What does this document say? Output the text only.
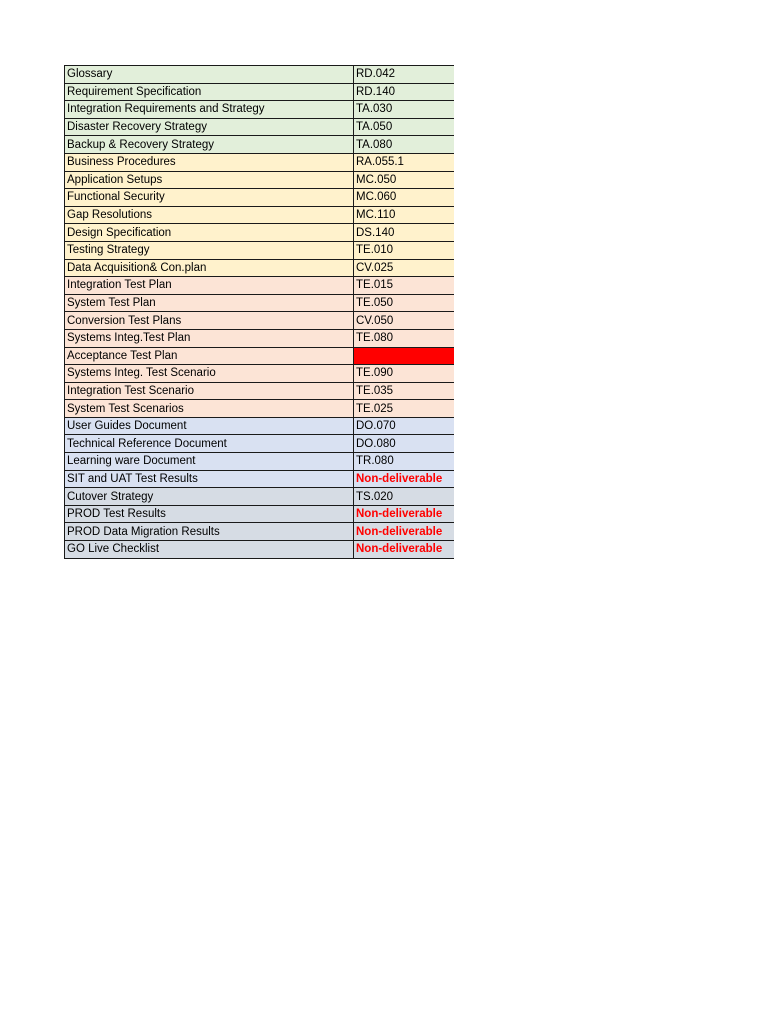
Glossary	RD.042
Requirement Specification	RD.140
Integration Requirements and Strategy	TA.030
Disaster Recovery Strategy	TA.050
Backup & Recovery Strategy	TA.080
Business Procedures	RA.055.1
Application Setups	MC.050
Functional Security	MC.060
Gap Resolutions	MC.110
Design Specification	DS.140
Testing Strategy	TE.010
Data Acquisition& Con.plan	CV.025
Integration Test Plan	TE.015
System Test Plan	TE.050
Conversion Test Plans	CV.050
Systems Integ.Test Plan	TE.080
Acceptance Test Plan	
Systems Integ. Test Scenario	TE.090
Integration Test Scenario	TE.035
System Test Scenarios	TE.025
User Guides Document	DO.070
Technical Reference Document	DO.080
Learning ware Document	TR.080
SIT and UAT Test Results	Non-deliverable
Cutover Strategy	TS.020
PROD Test Results	Non-deliverable
PROD Data Migration Results	Non-deliverable
GO Live Checklist	Non-deliverable
